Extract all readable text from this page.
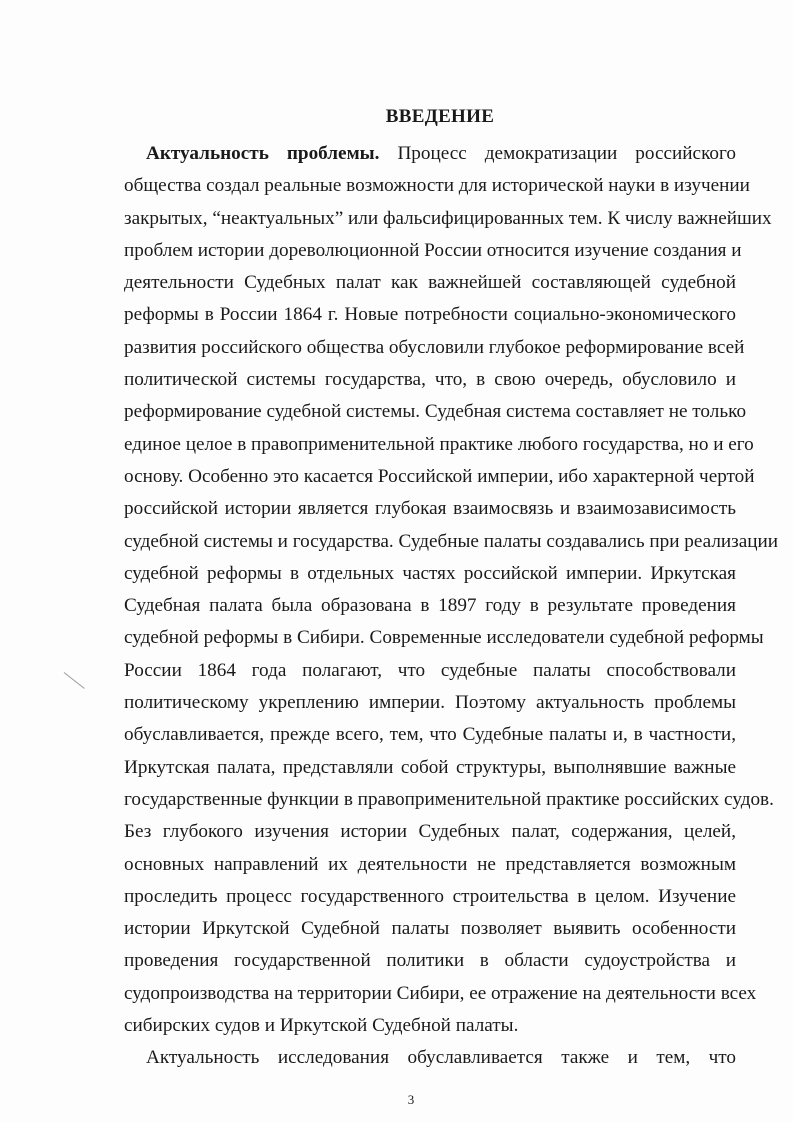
ВВЕДЕНИЕ
Актуальность проблемы. Процесс демократизации российского
общества создал реальные возможности для исторической науки в изучении
закрытых, “неактуальных” или фальсифицированных тем. К числу важнейших
проблем истории дореволюционной России относится изучение создания и
деятельности Судебных палат как важнейшей составляющей судебной
реформы в России 1864 г. Новые потребности социально-экономического
развития российского общества обусловили глубокое реформирование всей
политической системы государства, что, в свою очередь, обусловило и
реформирование судебной системы. Судебная система составляет не только
единое целое в правоприменительной практике любого государства, но и его
основу. Особенно это касается Российской империи, ибо характерной чертой
российской истории является глубокая взаимосвязь и взаимозависимость
судебной системы и государства. Судебные палаты создавались при реализации
судебной реформы в отдельных частях российской империи. Иркутская
Судебная палата была образована в 1897 году в результате проведения
судебной реформы в Сибири. Современные исследователи судебной реформы
России 1864 года полагают, что судебные палаты способствовали
политическому укреплению империи. Поэтому актуальность проблемы
обуславливается, прежде всего, тем, что Судебные палаты и, в частности,
Иркутская палата, представляли собой структуры, выполнявшие важные
государственные функции в правоприменительной практике российских судов.
Без глубокого изучения истории Судебных палат, содержания, целей,
основных направлений их деятельности не представляется возможным
проследить процесс государственного строительства в целом. Изучение
истории Иркутской Судебной палаты позволяет выявить особенности
проведения государственной политики в области судоустройства и
судопроизводства на территории Сибири, ее отражение на деятельности всех
сибирских судов и Иркутской Судебной палаты.
Актуальность исследования обуславливается также и тем, что
3
